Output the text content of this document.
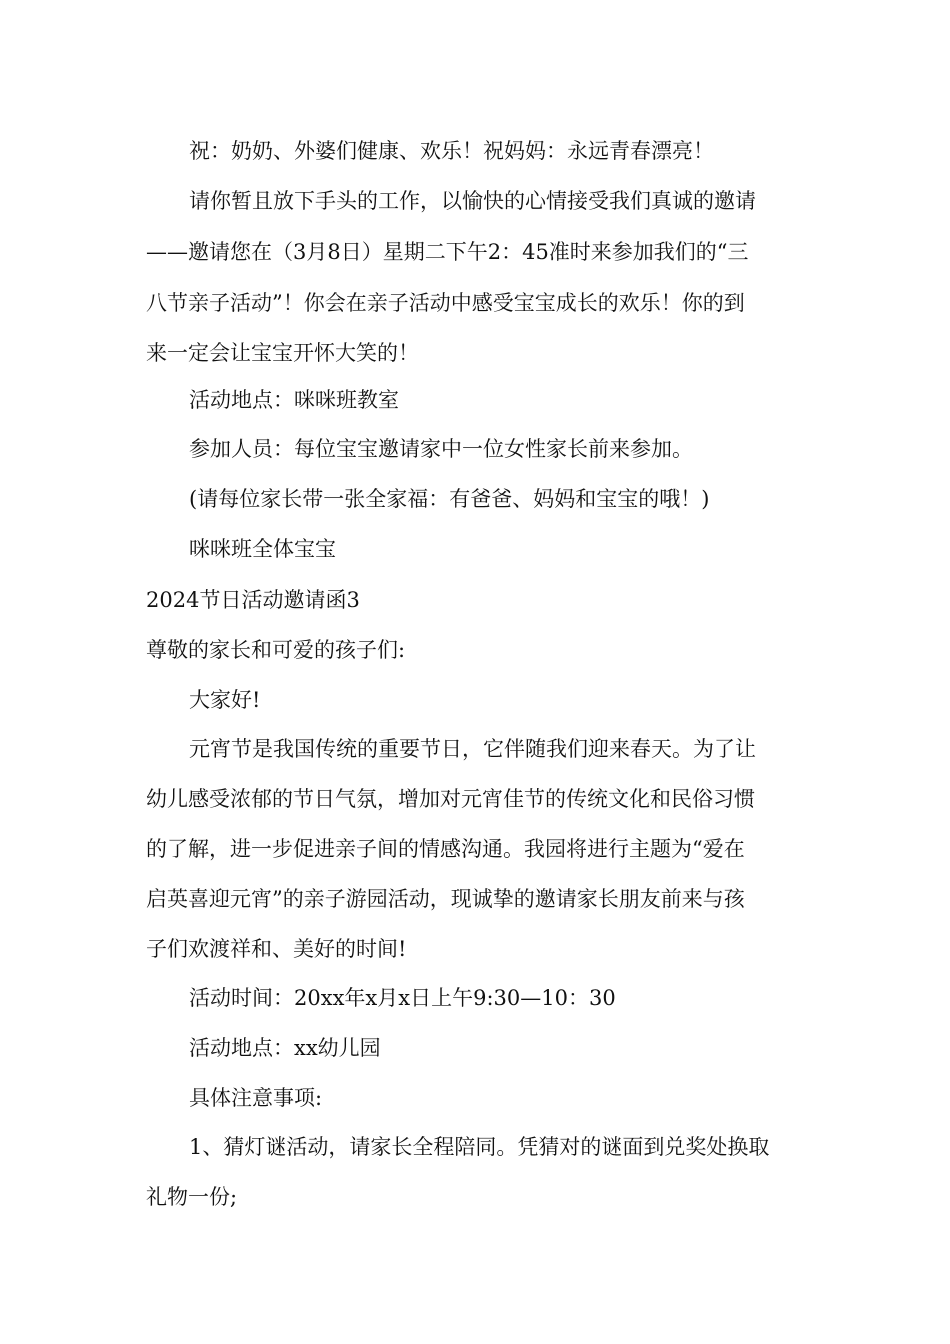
祝：奶奶、外婆们健康、欢乐！祝妈妈：永远青春漂亮！
请你暂且放下手头的工作，以愉快的心情接受我们真诚的邀请
——邀请您在（3月8日）星期二下午2：45准时来参加我们的“三
八节亲子活动”！你会在亲子活动中感受宝宝成长的欢乐！你的到
来一定会让宝宝开怀大笑的！
活动地点：咪咪班教室
参加人员：每位宝宝邀请家中一位女性家长前来参加。
(请每位家长带一张全家福：有爸爸、妈妈和宝宝的哦！)
咪咪班全体宝宝
2024节日活动邀请函3
尊敬的家长和可爱的孩子们:
大家好!
元宵节是我国传统的重要节日，它伴随我们迎来春天。为了让
幼儿感受浓郁的节日气氛，增加对元宵佳节的传统文化和民俗习惯
的了解，进一步促进亲子间的情感沟通。我园将进行主题为“爱在
启英喜迎元宵”的亲子游园活动，现诚挚的邀请家长朋友前来与孩
子们欢渡祥和、美好的时间!
活动时间：20xx年x月x日上午9:30—10：30
活动地点：xx幼儿园
具体注意事项:
1、猜灯谜活动，请家长全程陪同。凭猜对的谜面到兑奖处换取
礼物一份;
